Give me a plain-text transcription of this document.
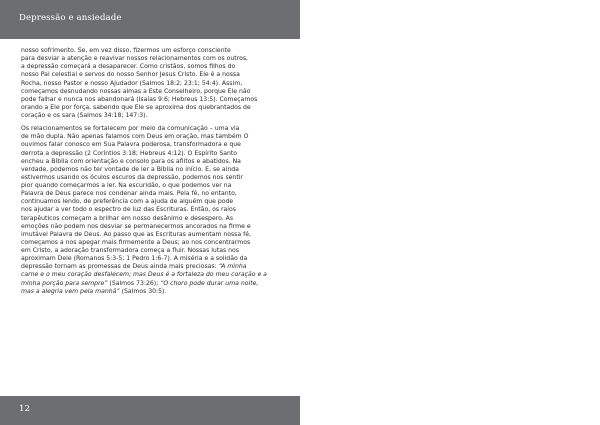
Depressão e ansiedade

nosso sofrimento. Se, em vez disso, fizermos um esforço consciente

para desviar a atenção e reavivar nossos relacionamentos com os outros,

a depressão começará a desaparecer. Como cristãos, somos filhos do

nosso Pai celestial e servos do nosso Senhor Jesus Cristo. Ele é a nossa

Rocha, nosso Pastor e nosso Ajudador (Salmos 18:2; 23:1; 54:4). Assim,

começamos desnudando nossas almas a Este Conselheiro, porque Ele não

pode falhar e nunca nos abandonará (Isaías 9:6; Hebreus 13:5). Começamos

orando a Ele por força, sabendo que Ele se aproxima dos quebrantados de

coração e os sara (Salmos 34:18; 147:3).

Os relacionamentos se fortalecem por meio da comunicação – uma via

de mão dupla. Não apenas falamos com Deus em oração, mas também O

ouvimos falar conosco em Sua Palavra poderosa, transformadora e que

derrota a depressão (2 Coríntios 3:18; Hebreus 4:12). O Espírito Santo

encheu a Bíblia com orientação e consolo para os aflitos e abatidos. Na

verdade, podemos não ter vontade de ler a Bíblia no início. E, se ainda

estivermos usando os óculos escuros da depressão, podemos nos sentir

pior quando começarmos a ler. Na escuridão, o que podemos ver na

Palavra de Deus parece nos condenar ainda mais. Pela fé, no entanto,

continuamos lendo, de preferência com a ajuda de alguém que pode

nos ajudar a ver todo o espectro de luz das Escrituras. Então, os raios

terapêuticos começam a brilhar em nosso desânimo e desespero. As

emoções não podem nos desviar se permanecermos ancorados na firme e

imutável Palavra de Deus. Ao passo que as Escrituras aumentam nossa fé,

começamos a nos apegar mais firmemente a Deus; ao nos concentrarmos

em Cristo, a adoração transformadora começa a fluir. Nossas lutas nos

aproximam Dele (Romanos 5:3-5; 1 Pedro 1:6-7). A miséria e a solidão da

depressão tornam as promessas de Deus ainda mais preciosas: “A minha

carne e o meu coração desfalecem; mas Deus é a fortaleza do meu coração e a

minha porção para sempre” (Salmos 73:26); “O choro pode durar uma noite,

mas a alegria vem pela manhã” (Salmos 30:5).

12
